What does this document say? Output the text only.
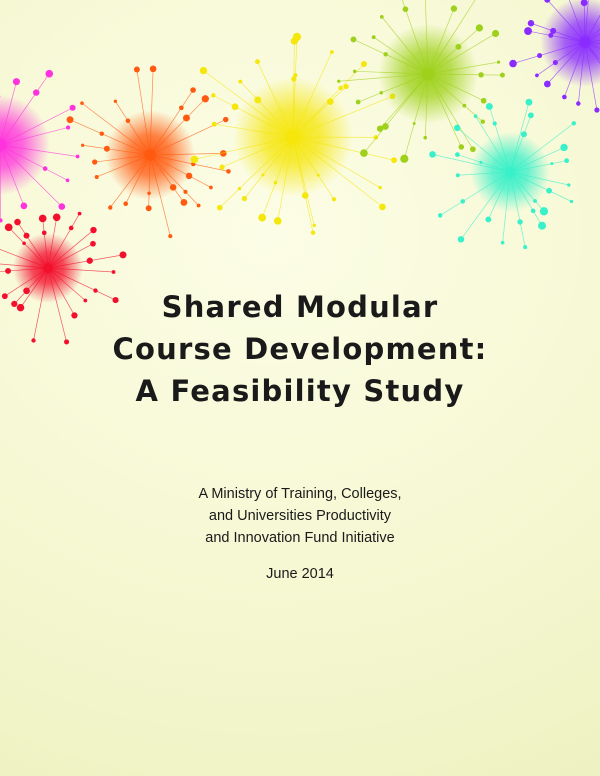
Shared Modular
Course Development:
A Feasibility Study
A Ministry of Training, Colleges,
and Universities Productivity
and Innovation Fund Initiative
June 2014
